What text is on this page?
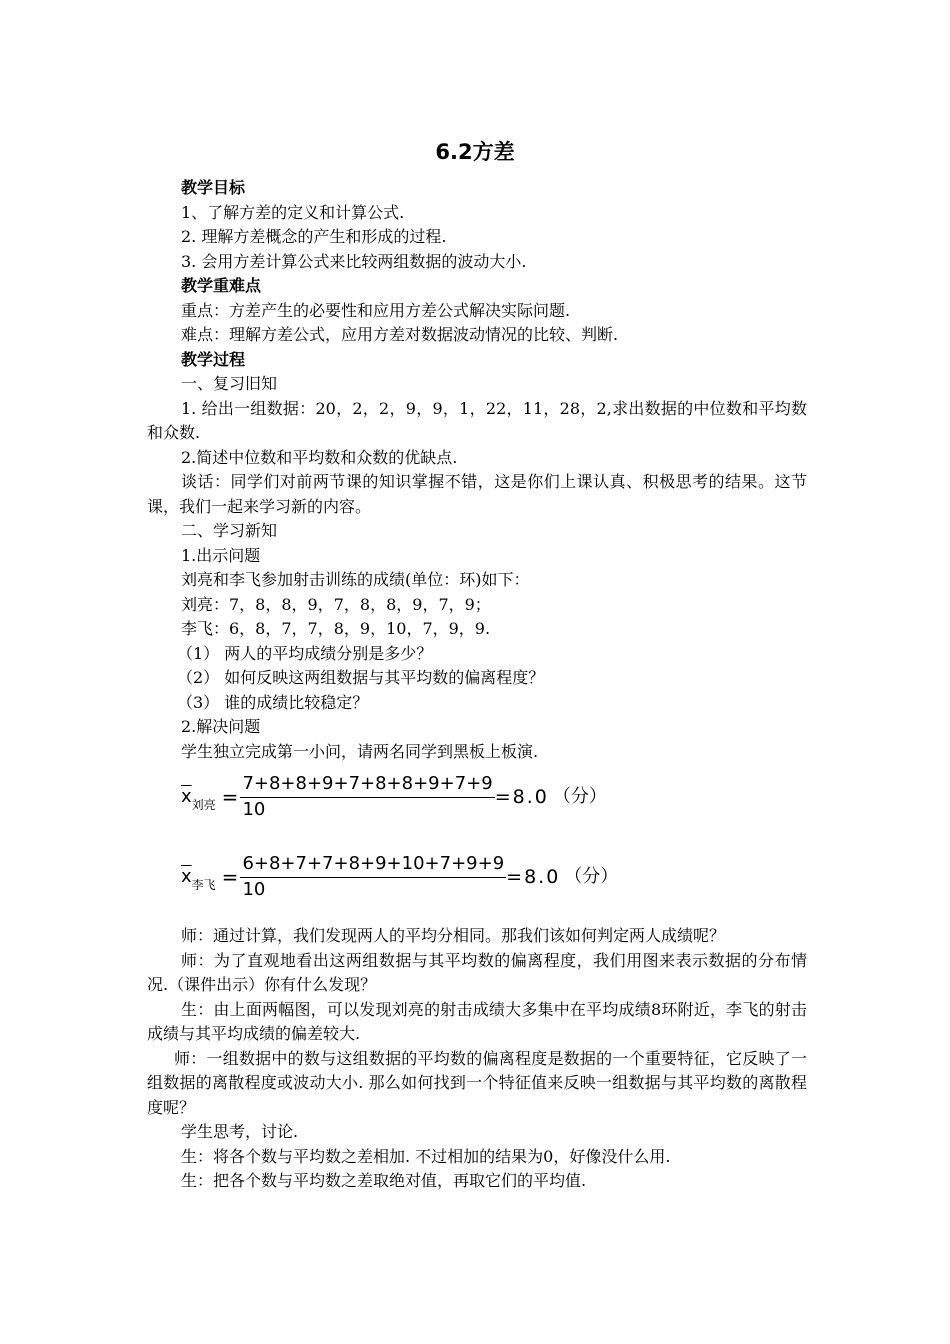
6.2方差
教学目标
1、了解方差的定义和计算公式.
2. 理解方差概念的产生和形成的过程.
3. 会用方差计算公式来比较两组数据的波动大小.
教学重难点
重点：方差产生的必要性和应用方差公式解决实际问题.
难点：理解方差公式，应用方差对数据波动情况的比较、判断.
教学过程
一、复习旧知
1. 给出一组数据：20，2，2，9，9，1，22，11，28，2,求出数据的中位数和平均数和众数.
2.简述中位数和平均数和众数的优缺点.
谈话：同学们对前两节课的知识掌握不错，这是你们上课认真、积极思考的结果。这节课，我们一起来学习新的内容。
二、学习新知
1.出示问题
刘亮和李飞参加射击训练的成绩(单位：环)如下：
刘亮：7，8，8，9，7，8，8，9，7，9；
李飞：6，8，7，7，8，9，10，7，9，9.
（1） 两人的平均成绩分别是多少？
（2） 如何反映这两组数据与其平均数的偏离程度？
（3） 谁的成绩比较稳定？
2.解决问题
学生独立完成第一小问，请两名同学到黑板上板演.
$\overline{x}$ 刘亮 = $\frac{7+8+8+9+7+8+8+9+7+9}{10} =8.0$ （分）
$\overline{x}$ 李飞 = $\frac{6+8+7+7+8+9+10+7+9+9}{10} =8.0$ （分）
师：通过计算，我们发现两人的平均分相同。那我们该如何判定两人成绩呢？
师：为了直观地看出这两组数据与其平均数的偏离程度，我们用图来表示数据的分布情况.（课件出示）你有什么发现？
生：由上面两幅图，可以发现刘亮的射击成绩大多集中在平均成绩8环附近，李飞的射击成绩与其平均成绩的偏差较大.
师：一组数据中的数与这组数据的平均数的偏离程度是数据的一个重要特征，它反映了一组数据的离散程度或波动大小. 那么如何找到一个特征值来反映一组数据与其平均数的离散程度呢？
学生思考，讨论.
生：将各个数与平均数之差相加. 不过相加的结果为0，好像没什么用.
生：把各个数与平均数之差取绝对值，再取它们的平均值.
